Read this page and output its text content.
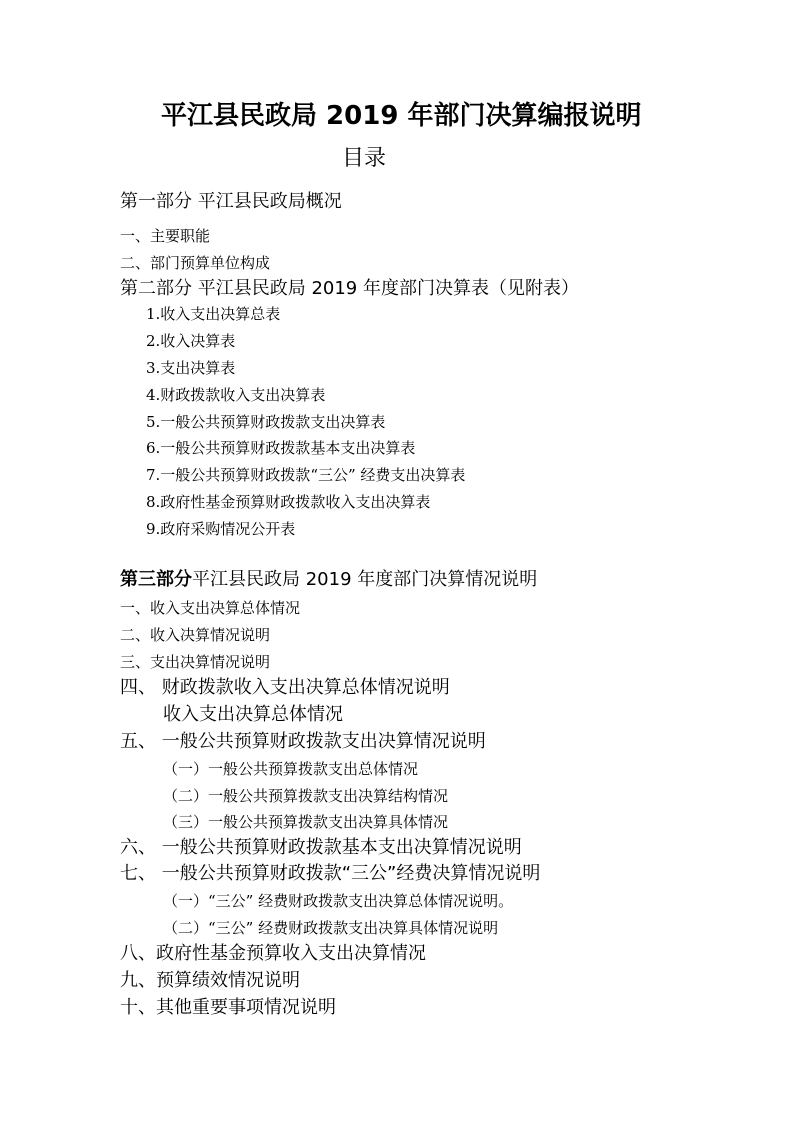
平江县民政局 2019 年部门决算编报说明
目录
第一部分 平江县民政局概况
一、主要职能
二、部门预算单位构成
第二部分 平江县民政局 2019 年度部门决算表（见附表）
1.收入支出决算总表
2.收入决算表
3.支出决算表
4.财政拨款收入支出决算表
5.一般公共预算财政拨款支出决算表
6.一般公共预算财政拨款基本支出决算表
7.一般公共预算财政拨款“三公” 经费支出决算表
8.政府性基金预算财政拨款收入支出决算表
9.政府采购情况公开表
第三部分平江县民政局 2019 年度部门决算情况说明
一、收入支出决算总体情况
二、收入决算情况说明
三、支出决算情况说明
四、 财政拨款收入支出决算总体情况说明
收入支出决算总体情况
五、 一般公共预算财政拨款支出决算情况说明
（一）一般公共预算拨款支出总体情况
（二）一般公共预算拨款支出决算结构情况
（三）一般公共预算拨款支出决算具体情况
六、 一般公共预算财政拨款基本支出决算情况说明
七、 一般公共预算财政拨款“三公”经费决算情况说明
（一）“三公” 经费财政拨款支出决算总体情况说明。
（二）“三公” 经费财政拨款支出决算具体情况说明
八、政府性基金预算收入支出决算情况
九、预算绩效情况说明
十、其他重要事项情况说明
